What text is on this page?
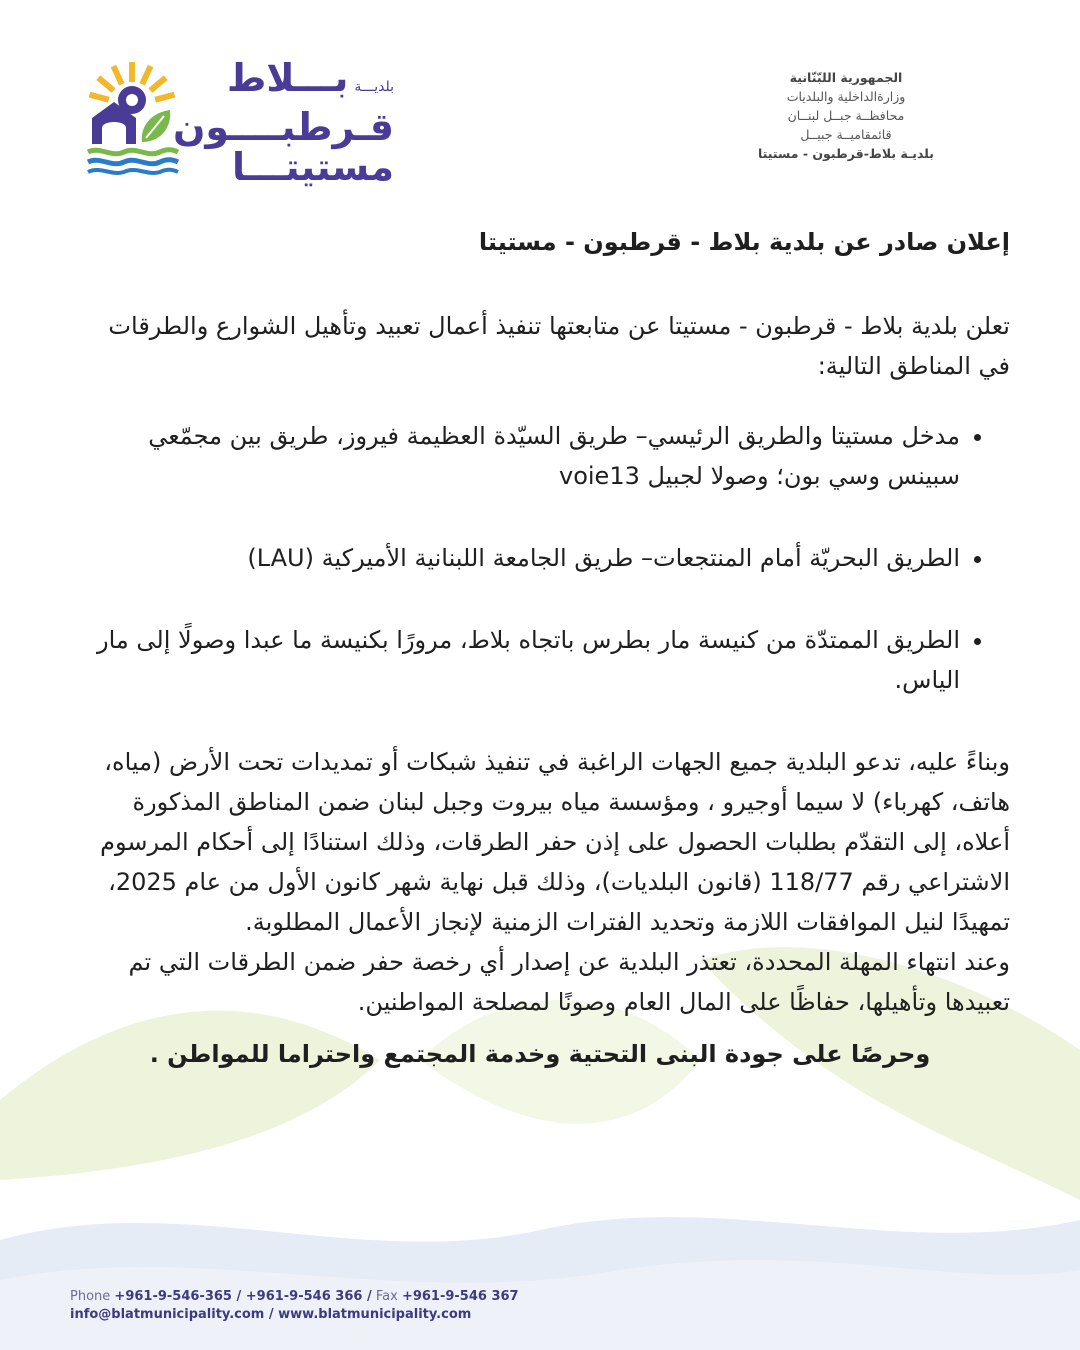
بلديـــةبـــلاط
قـرطبــــون
مستيتـــا
الجمهورية اللبّنّانية
وزارةالداخلية والبلديات
محافظــة جبــل لبنــان
قائمقاميــة جبيــل
بلديـة بلاط-قرطبون - مستيتا
إعلان صادر عن بلدية بلاط - قرطبون - مستيتا

تعلن بلدية بلاط - قرطبون - مستيتا عن متابعتها تنفيذ أعمال تعبيد وتأهيل الشوارع والطرقات في المناطق التالية:

• مدخل مستيتا والطريق الرئيسي– طريق السيّدة العظيمة فيروز، طريق بين مجمّعي سبينس وسي بون؛ وصولا لجبيل voie13
• الطريق البحريّة أمام المنتجعات– طريق الجامعة اللبنانية الأميركية (LAU)
• الطريق الممتدّة من كنيسة مار بطرس باتجاه بلاط، مرورًا بكنيسة ما عبدا وصولًا إلى مار الياس.

وبناءً عليه، تدعو البلدية جميع الجهات الراغبة في تنفيذ شبكات أو تمديدات تحت الأرض (مياه، هاتف، كهرباء) لا سيما أوجيرو ، ومؤسسة مياه بيروت وجبل لبنان ضمن المناطق المذكورة أعلاه، إلى التقدّم بطلبات الحصول على إذن حفر الطرقات، وذلك استنادًا إلى أحكام المرسوم الاشتراعي رقم 118/77 (قانون البلديات)، وذلك قبل نهاية شهر كانون الأول من عام 2025، تمهيدًا لنيل الموافقات اللازمة وتحديد الفترات الزمنية لإنجاز الأعمال المطلوبة.

وعند انتهاء المهلة المحددة، تعتذر البلدية عن إصدار أي رخصة حفر ضمن الطرقات التي تم تعبيدها وتأهيلها، حفاظًا على المال العام وصونًا لمصلحة المواطنين.

وحرصًا على جودة البنى التحتية وخدمة المجتمع واحتراما للمواطن .

Phone +961-9-546-365 / +961-9-546 366 / Fax +961-9-546 367
info@blatmunicipality.com / www.blatmunicipality.com
